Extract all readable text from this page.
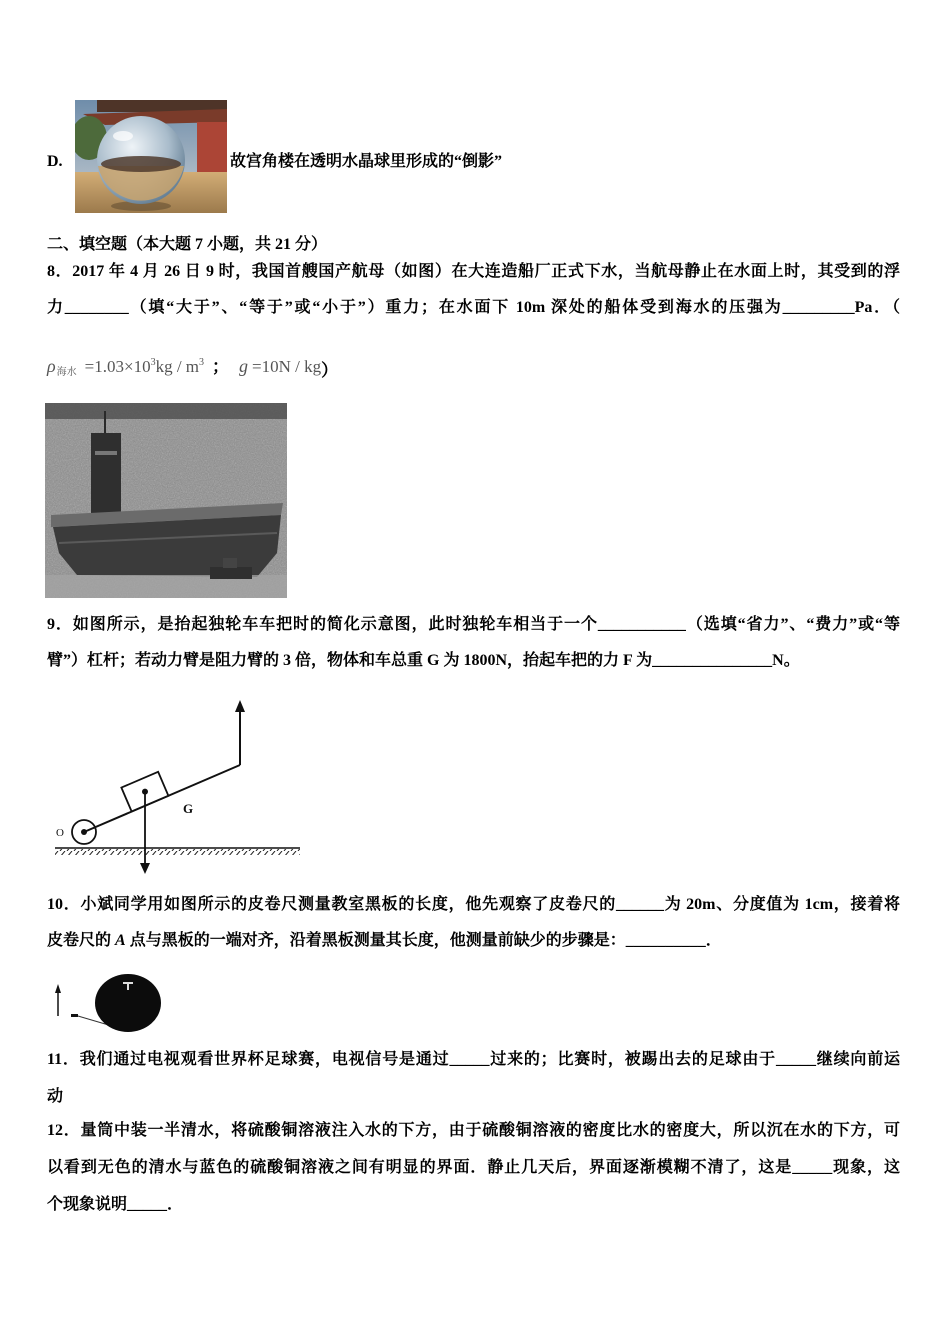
D.	故宫角楼在透明水晶球里形成的“倒影”
二、填空题（本大题 7 小题，共 21 分）
8．2017 年 4 月 26 日 9 时，我国首艘国产航母（如图）在大连造船厂正式下水，当航母静止在水面上时，其受到的浮
力________（填“大于”、“等于”或“小于”）重力；在水面下 10m 深处的船体受到海水的压强为_________Pa．（
$\rho_{海水} =1.03\times 10^3kg / m^3$ ； g =10N / kg）
9．如图所示，是抬起独轮车车把时的简化示意图，此时独轮车相当于一个___________（选填“省力”、“费力”或“等
臂”）杠杆；若动力臂是阻力臂的 3 倍，物体和车总重 G 为 1800N，抬起车把的力 F 为_______________N。
O
G
10．小斌同学用如图所示的皮卷尺测量教室黑板的长度，他先观察了皮卷尺的______为 20m、分度值为 1cm，接着将
皮卷尺的 A 点与黑板的一端对齐，沿着黑板测量其长度，他测量前缺少的步骤是：__________．
11．我们通过电视观看世界杯足球赛，电视信号是通过_____过来的；比赛时，被踢出去的足球由于_____继续向前运
动
12．量筒中装一半清水，将硫酸铜溶液注入水的下方，由于硫酸铜溶液的密度比水的密度大，所以沉在水的下方，可
以看到无色的清水与蓝色的硫酸铜溶液之间有明显的界面．静止几天后，界面逐渐模糊不清了，这是_____现象，这
个现象说明_____．
